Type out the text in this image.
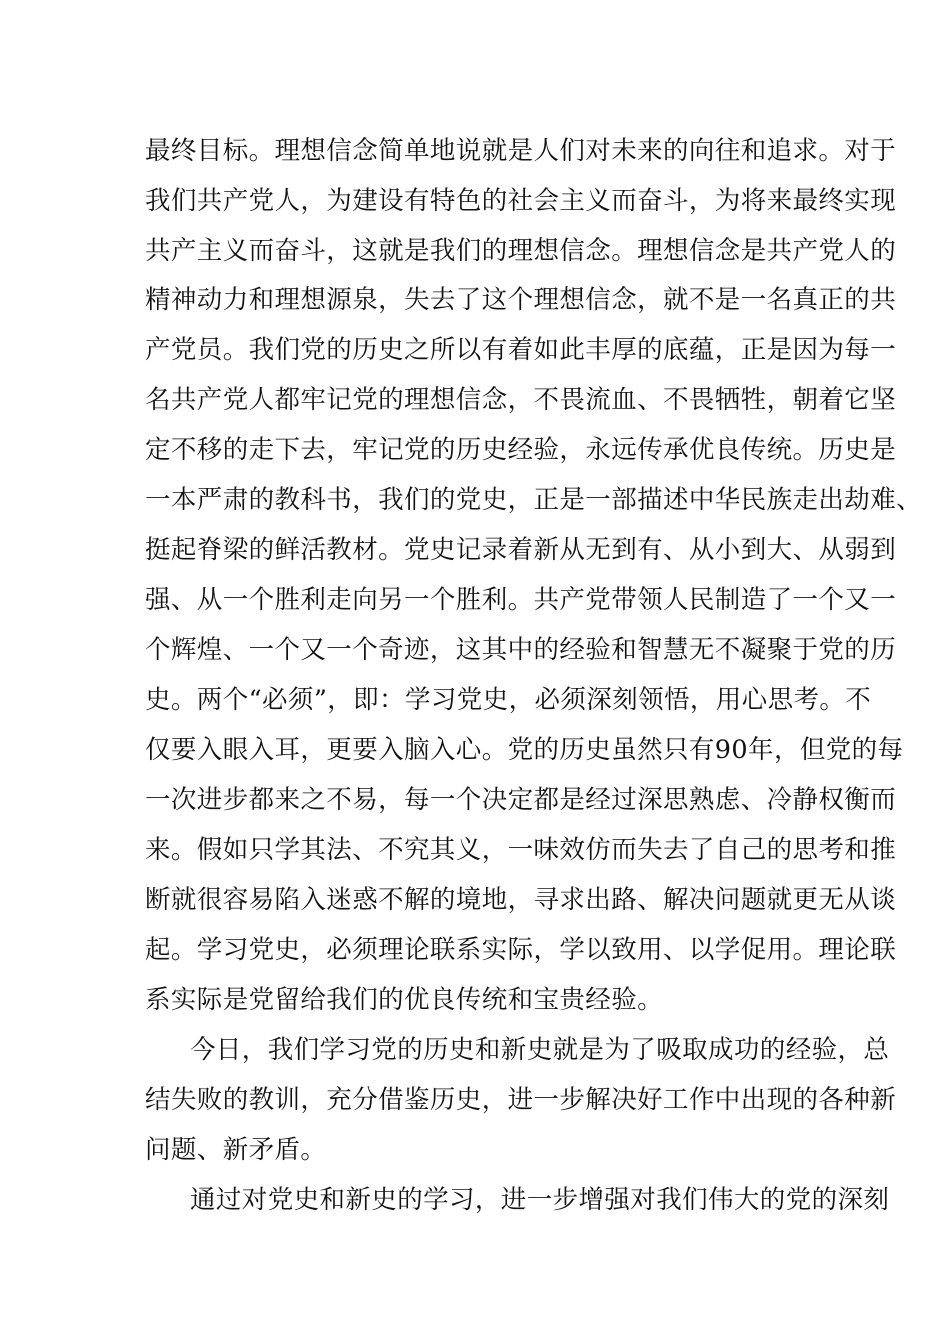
最终目标。理想信念简单地说就是人们对未来的向往和追求。对于
我们共产党人，为建设有特色的社会主义而奋斗，为将来最终实现
共产主义而奋斗，这就是我们的理想信念。理想信念是共产党人的
精神动力和理想源泉，失去了这个理想信念，就不是一名真正的共
产党员。我们党的历史之所以有着如此丰厚的底蕴，正是因为每一
名共产党人都牢记党的理想信念，不畏流血、不畏牺牲，朝着它坚
定不移的走下去，牢记党的历史经验，永远传承优良传统。历史是
一本严肃的教科书，我们的党史，正是一部描述中华民族走出劫难、
挺起脊梁的鲜活教材。党史记录着新从无到有、从小到大、从弱到
强、从一个胜利走向另一个胜利。共产党带领人民制造了一个又一
个辉煌、一个又一个奇迹，这其中的经验和智慧无不凝聚于党的历
史。两个“必须”，即：学习党史，必须深刻领悟，用心思考。不
仅要入眼入耳，更要入脑入心。党的历史虽然只有90年，但党的每
一次进步都来之不易，每一个决定都是经过深思熟虑、冷静权衡而
来。假如只学其法、不究其义，一味效仿而失去了自己的思考和推
断就很容易陷入迷惑不解的境地，寻求出路、解决问题就更无从谈
起。学习党史，必须理论联系实际，学以致用、以学促用。理论联
系实际是党留给我们的优良传统和宝贵经验。
今日，我们学习党的历史和新史就是为了吸取成功的经验，总
结失败的教训，充分借鉴历史，进一步解决好工作中出现的各种新
问题、新矛盾。
通过对党史和新史的学习，进一步增强对我们伟大的党的深刻
